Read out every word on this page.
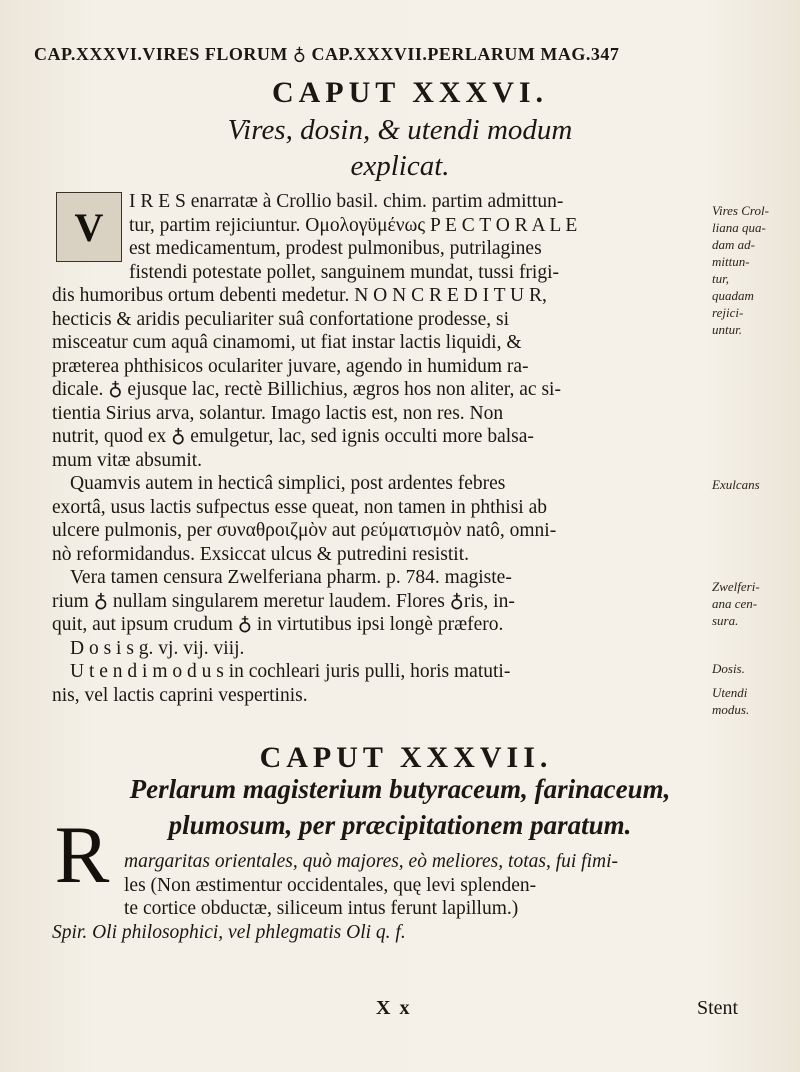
CAP.XXXVI.VIRES FLORUM ♁ CAP.XXXVII.PERLARUM MAG.347
CAPUT XXXVI.
Vires, dosin, & utendi modum
explicat.
V
I R E S enarratæ à Crollio basil. chim. partim admittun-
tur, partim rejiciuntur. Ομολογϋμένως P E C T O R A L E
est medicamentum, prodest pulmonibus, putrilagines
fistendi potestate pollet, sanguinem mundat, tussi frigi-
dis humoribus ortum debenti medetur. N O N C R E D I T U R,
hecticis & aridis peculiariter suâ confortatione prodesse, si
misceatur cum aquâ cinamomi, ut fiat instar lactis liquidi, &
præterea phthisicos oculariter juvare, agendo in humidum ra-
dicale. ♁ ejusque lac, rectè Billichius, ægros hos non aliter, ac si-
tientia Sirius arva, solantur. Imago lactis est, non res. Non
nutrit, quod ex ♁ emulgetur, lac, sed ignis occulti more balsa-
mum vitæ absumit.
Quamvis autem in hecticâ simplici, post ardentes febres
exortâ, usus lactis sufpectus esse queat, non tamen in phthisi ab
ulcere pulmonis, per συναθροιζμὸν aut ρεύματισμὸν natô, omni-
nò reformidandus. Exsiccat ulcus & putredini resistit.
Vera tamen censura Zwelferiana pharm. p. 784. magiste-
rium ♁ nullam singularem meretur laudem. Flores ♁ris, in-
quit, aut ipsum crudum ♁ in virtutibus ipsi longè præfero.
D o s i s g. vj. vij. viij.
U t e n d i m o d u s in cochleari juris pulli, horis matuti-
nis, vel lactis caprini vespertinis.
Vires Crol-
liana qua-
dam ad-
mittun-
tur,
quadam
rejici-
untur.
Exulcans
Zwelferi-
ana cen-
sura.
Dosis.
Utendi
modus.
CAPUT XXXVII.
Perlarum magisterium butyraceum, farinaceum,
plumosum, per præcipitationem paratum.
R margaritas orientales, quò majores, eò meliores, totas, fui fimi-
les (Non æstimentur occidentales, quę levi splenden-
te cortice obductæ, siliceum intus ferunt lapillum.)
Spir. Oli philosophici, vel phlegmatis Oli q. f.
X x	Stent
